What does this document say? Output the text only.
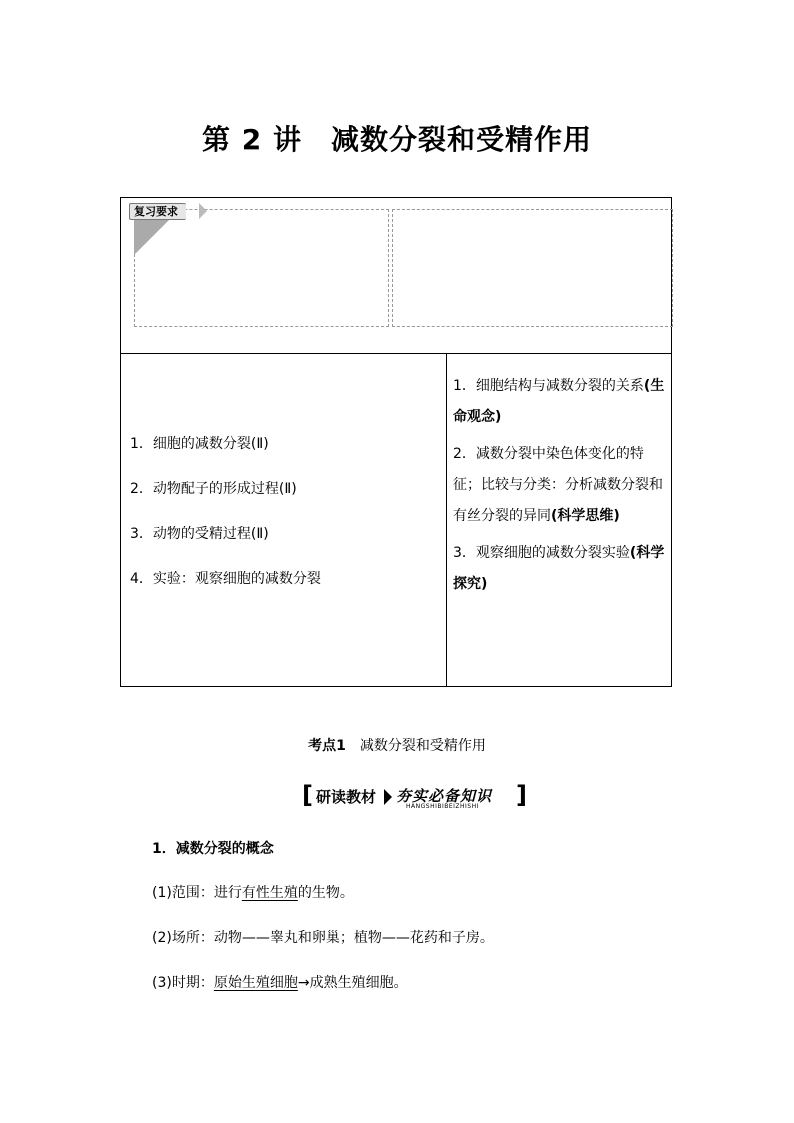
第 2 讲　减数分裂和受精作用
复习要求

1．细胞的减数分裂(Ⅱ)

2．动物配子的形成过程(Ⅱ)

3．动物的受精过程(Ⅱ)

4．实验：观察细胞的减数分裂

1．细胞结构与减数分裂的关系(生命观念)

2．减数分裂中染色体变化的特征；比较与分类：分析减数分裂和有丝分裂的异同(科学思维)

3．观察细胞的减数分裂实验(科学探究)

考点1 减数分裂和受精作用
[ 研读教材 夯实必备知识
HANGSHIBIBEIZHISHI ]
1．减数分裂的概念
(1)范围：进行有性生殖的生物。
(2)场所：动物——睾丸和卵巢；植物——花药和子房。
(3)时期：原始生殖细胞→成熟生殖细胞。
